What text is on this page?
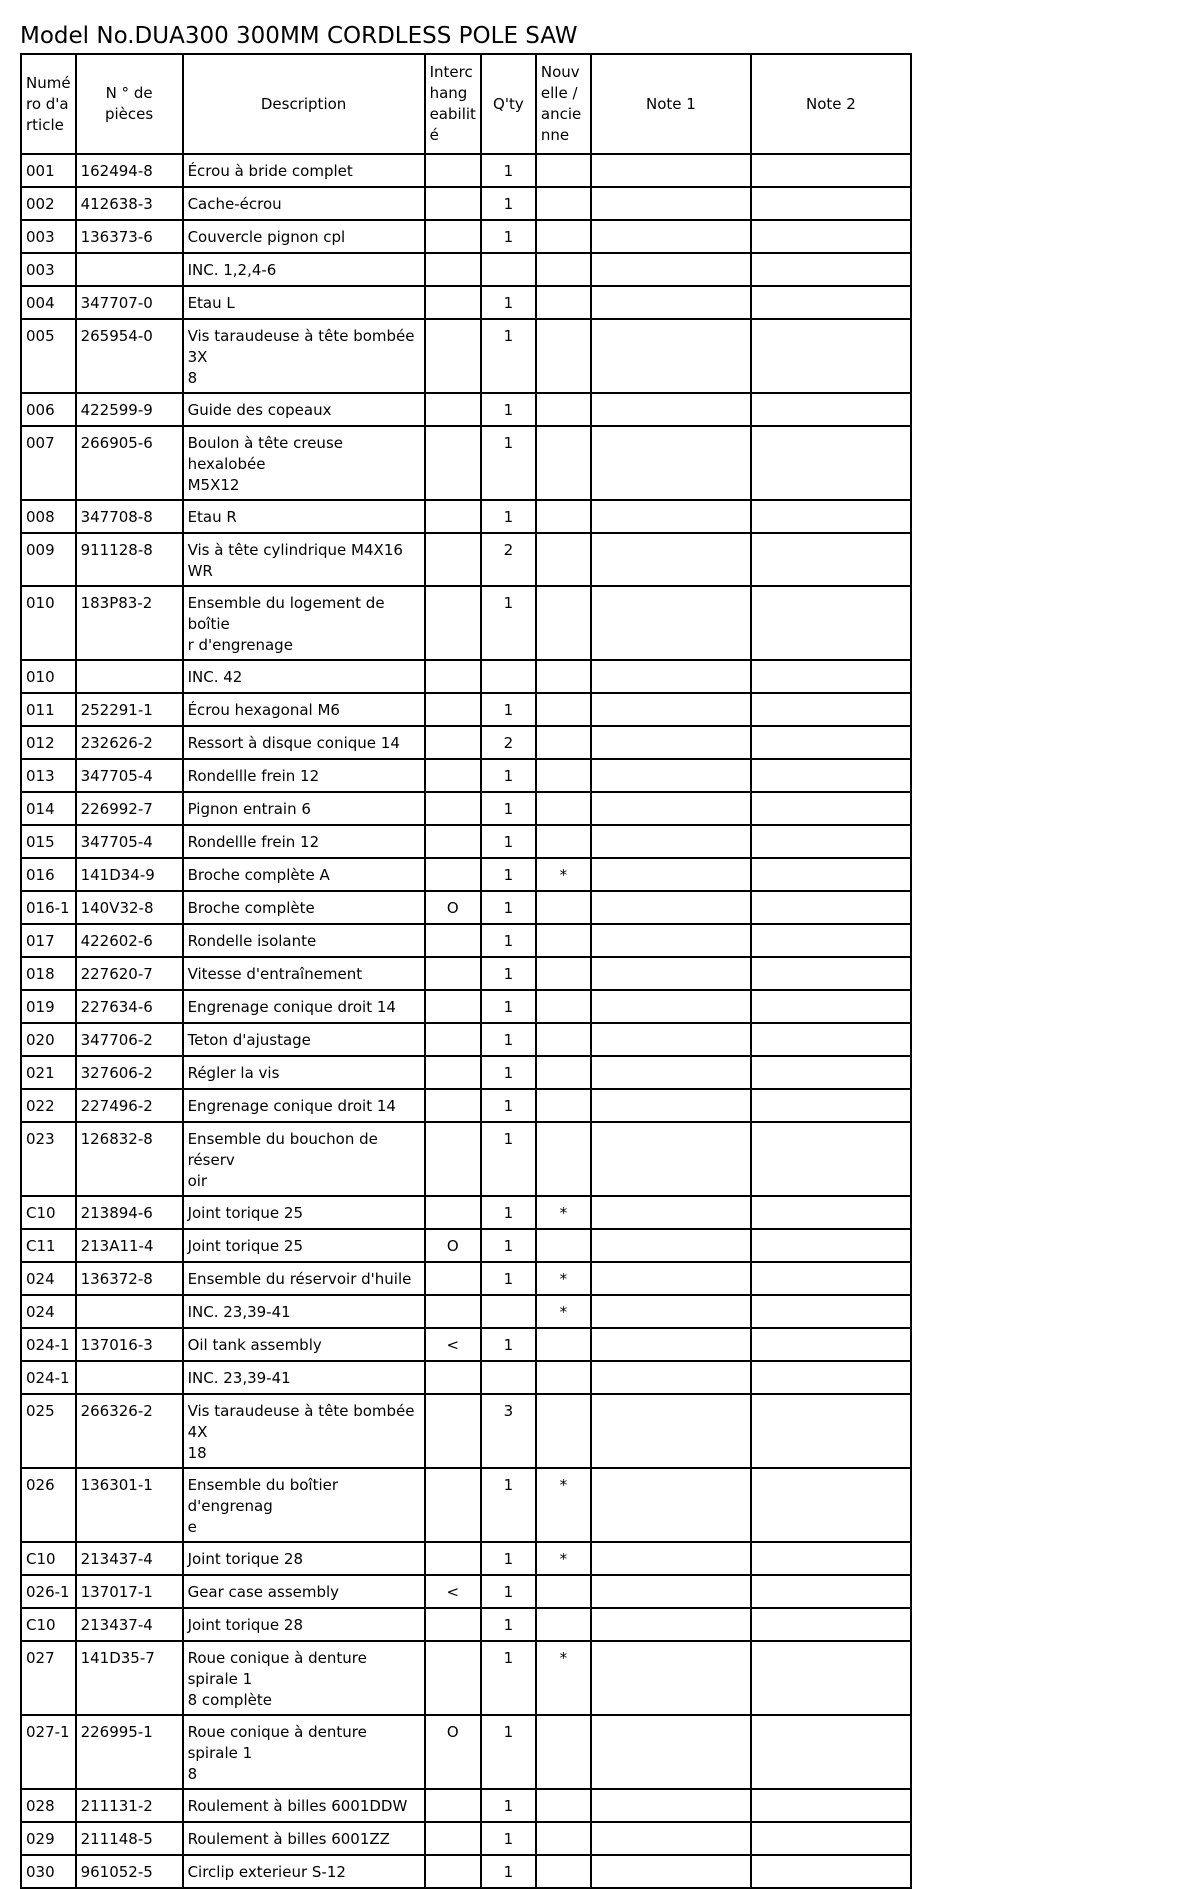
Model No.DUA300 300MM CORDLESS POLE SAW
Numé
ro d'a
rticle	N ° de pièces	Description	Interc
hang
eabilit
é	Q'ty	Nouv
elle /
ancie
nne	Note 1	Note 2
001	162494-8	Écrou à bride complet		1			
002	412638-3	Cache-écrou		1			
003	136373-6	Couvercle pignon cpl		1			
003		INC. 1,2,4-6					
004	347707-0	Etau L		1			
005	265954-0	Vis taraudeuse à tête bombée 3X
8		1			
006	422599-9	Guide des copeaux		1			
007	266905-6	Boulon à tête creuse hexalobée
M5X12		1			
008	347708-8	Etau R		1			
009	911128-8	Vis à tête cylindrique M4X16 WR		2			
010	183P83-2	Ensemble du logement de boîtie
r d'engrenage		1			
010		INC. 42					
011	252291-1	Écrou hexagonal M6		1			
012	232626-2	Ressort à disque conique 14		2			
013	347705-4	Rondellle frein 12		1			
014	226992-7	Pignon entrain 6		1			
015	347705-4	Rondellle frein 12		1			
016	141D34-9	Broche complète A		1	*		
016-1	140V32-8	Broche complète	O	1			
017	422602-6	Rondelle isolante		1			
018	227620-7	Vitesse d'entraînement		1			
019	227634-6	Engrenage conique droit 14		1			
020	347706-2	Teton d'ajustage		1			
021	327606-2	Régler la vis		1			
022	227496-2	Engrenage conique droit 14		1			
023	126832-8	Ensemble du bouchon de réserv
oir		1			
C10	213894-6	Joint torique 25		1	*		
C11	213A11-4	Joint torique 25	O	1			
024	136372-8	Ensemble du réservoir d'huile		1	*		
024		INC. 23,39-41			*		
024-1	137016-3	Oil tank assembly	<	1			
024-1		INC. 23,39-41					
025	266326-2	Vis taraudeuse à tête bombée 4X
18		3			
026	136301-1	Ensemble du boîtier d'engrenag
e		1	*		
C10	213437-4	Joint torique 28		1	*		
026-1	137017-1	Gear case assembly	<	1			
C10	213437-4	Joint torique 28		1			
027	141D35-7	Roue conique à denture spirale 1
8 complète		1	*		
027-1	226995-1	Roue conique à denture spirale 1
8	O	1			
028	211131-2	Roulement à billes 6001DDW		1			
029	211148-5	Roulement à billes 6001ZZ		1			
030	961052-5	Circlip exterieur S-12		1			
